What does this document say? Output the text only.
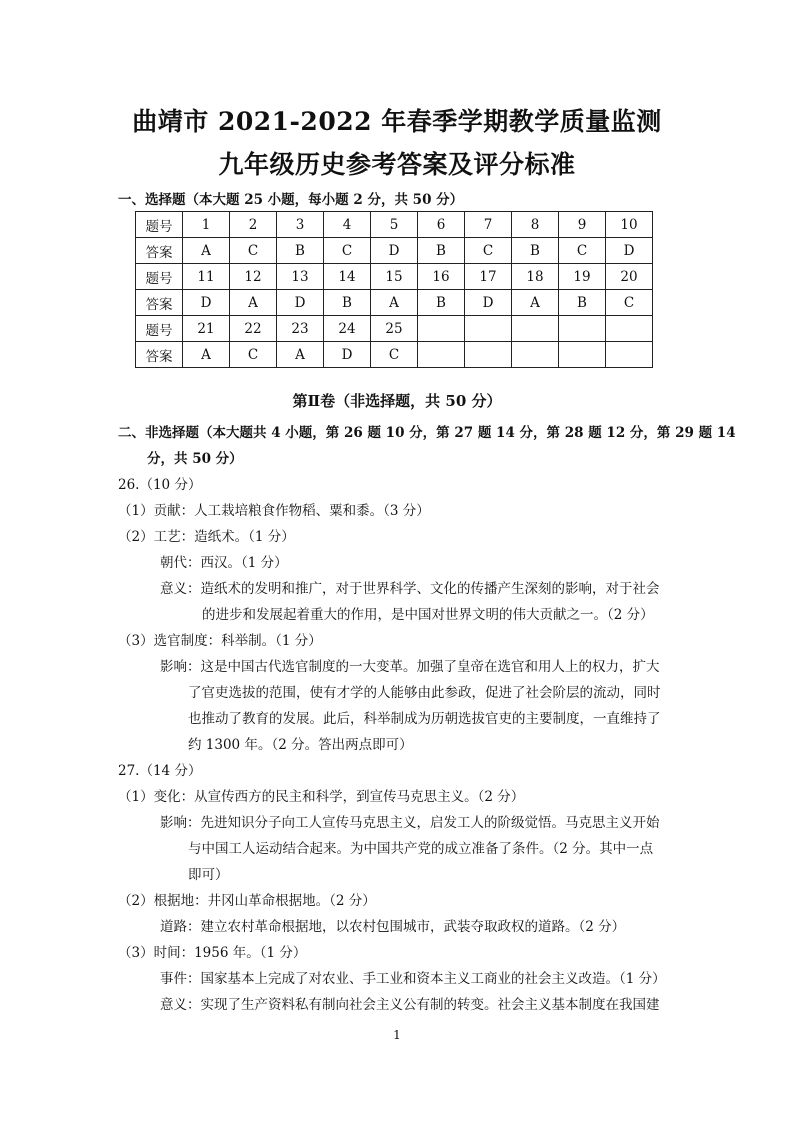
曲靖市 2021-2022 年春季学期教学质量监测
九年级历史参考答案及评分标准
一、选择题（本大题 25 小题，每小题 2 分，共 50 分）
题号	1	2	3	4	5	6	7	8	9	10
答案	A	C	B	C	D	B	C	B	C	D
题号	11	12	13	14	15	16	17	18	19	20
答案	D	A	D	B	A	B	D	A	B	C
题号	21	22	23	24	25					
答案	A	C	A	D	C					
第Ⅱ卷（非选择题，共 50 分）
二、非选择题（本大题共 4 小题，第 26 题 10 分，第 27 题 14 分，第 28 题 12 分，第 29 题 14
分，共 50 分）
26.（10 分）
（1）贡献：人工栽培粮食作物稻、粟和黍。（3 分）
（2）工艺：造纸术。（1 分）
朝代：西汉。（1 分）
意义：造纸术的发明和推广，对于世界科学、文化的传播产生深刻的影响，对于社会
的进步和发展起着重大的作用，是中国对世界文明的伟大贡献之一。（2 分）
（3）选官制度：科举制。（1 分）
影响：这是中国古代选官制度的一大变革。加强了皇帝在选官和用人上的权力，扩大
了官吏选拔的范围，使有才学的人能够由此参政，促进了社会阶层的流动，同时
也推动了教育的发展。此后，科举制成为历朝选拔官吏的主要制度，一直维持了
约 1300 年。（2 分。答出两点即可）
27.（14 分）
（1）变化：从宣传西方的民主和科学，到宣传马克思主义。（2 分）
影响：先进知识分子向工人宣传马克思主义，启发工人的阶级觉悟。马克思主义开始
与中国工人运动结合起来。为中国共产党的成立准备了条件。（2 分。其中一点
即可）
（2）根据地：井冈山革命根据地。（2 分）
道路：建立农村革命根据地，以农村包围城市，武装夺取政权的道路。（2 分）
（3）时间：1956 年。（1 分）
事件：国家基本上完成了对农业、手工业和资本主义工商业的社会主义改造。（1 分）
意义：实现了生产资料私有制向社会主义公有制的转变。社会主义基本制度在我国建
1
